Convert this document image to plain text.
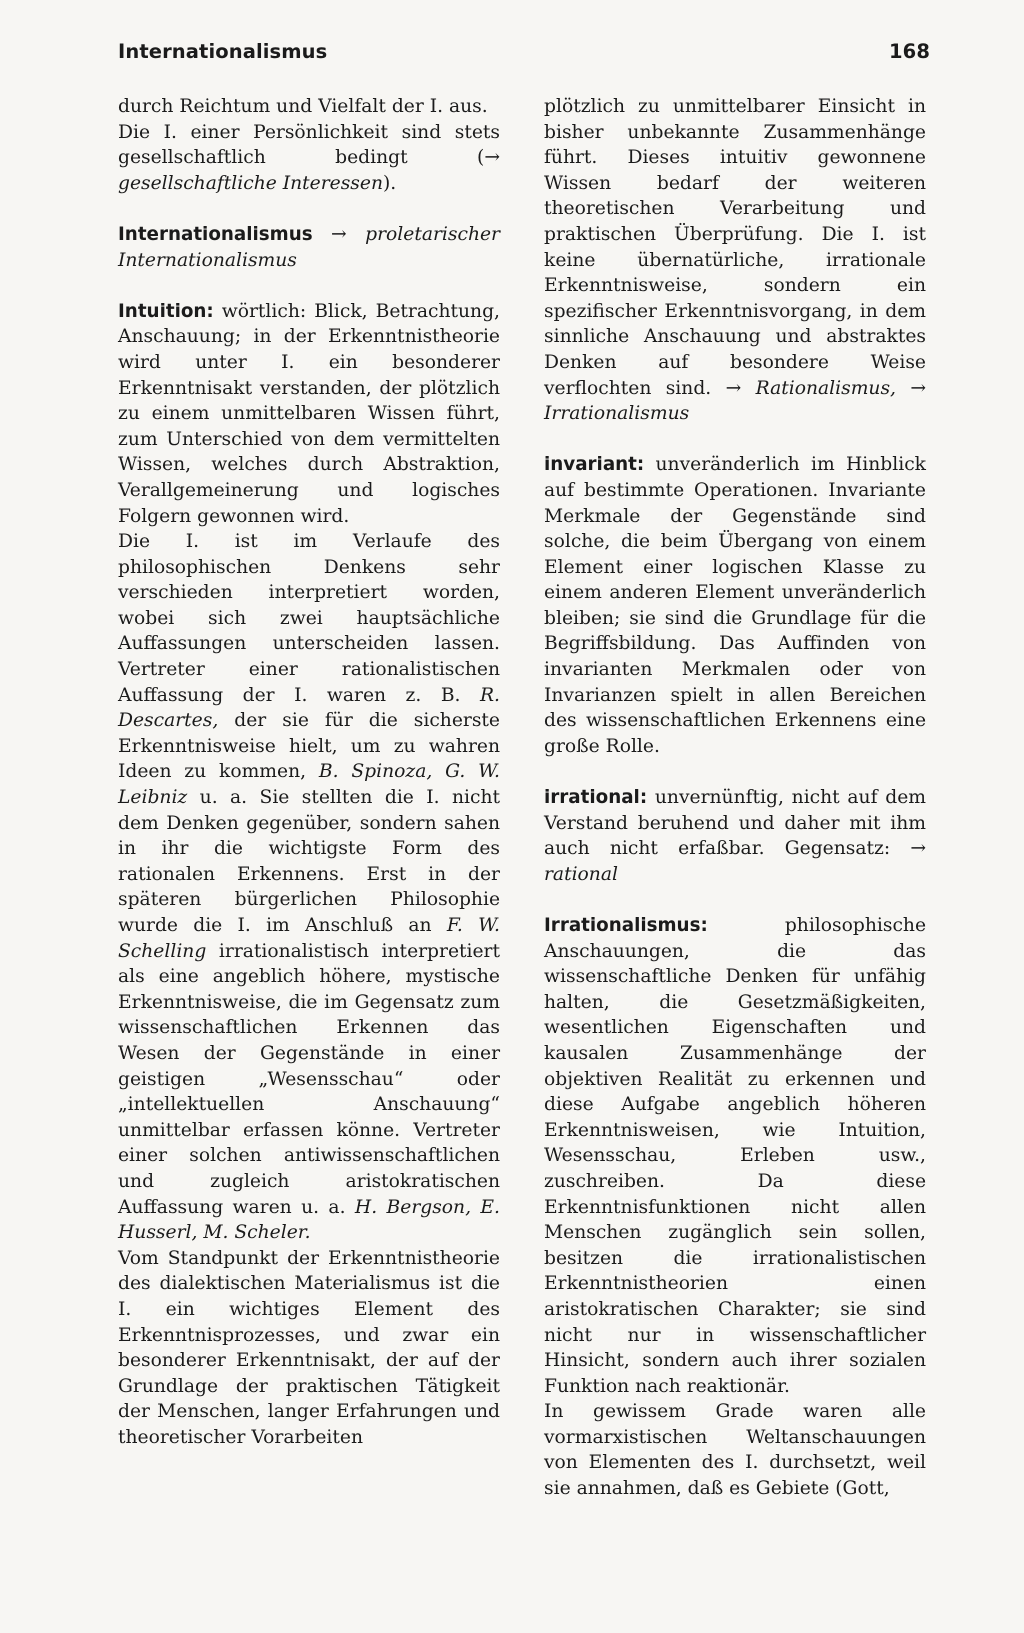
Internationalismus	168

durch Reichtum und Vielfalt der I. aus.

Die I. einer Persönlichkeit sind stets gesellschaftlich bedingt (→ gesellschaftliche Interessen).

Internationalismus → proletarischer Internationalismus

Intuition: wörtlich: Blick, Betrachtung, Anschauung; in der Erkenntnistheorie wird unter I. ein besonderer Erkenntnisakt verstanden, der plötzlich zu einem unmittelbaren Wissen führt, zum Unterschied von dem vermittelten Wissen, welches durch Abstraktion, Verallgemeinerung und logisches Folgern gewonnen wird.

Die I. ist im Verlaufe des philosophischen Denkens sehr verschieden interpretiert worden, wobei sich zwei hauptsächliche Auffassungen unterscheiden lassen. Vertreter einer rationalistischen Auffassung der I. waren z. B. R. Descartes, der sie für die sicherste Erkenntnisweise hielt, um zu wahren Ideen zu kommen, B. Spinoza, G. W. Leibniz u. a. Sie stellten die I. nicht dem Denken gegenüber, sondern sahen in ihr die wichtigste Form des rationalen Erkennens. Erst in der späteren bürgerlichen Philosophie wurde die I. im Anschluß an F. W. Schelling irrationalistisch interpretiert als eine angeblich höhere, mystische Erkenntnisweise, die im Gegensatz zum wissenschaftlichen Erkennen das Wesen der Gegenstände in einer geistigen „Wesensschau“ oder „intellektuellen Anschauung“ unmittelbar erfassen könne. Vertreter einer solchen antiwissenschaftlichen und zugleich aristokratischen Auffassung waren u. a. H. Bergson, E. Husserl, M. Scheler.

Vom Standpunkt der Erkenntnistheorie des dialektischen Materialismus ist die I. ein wichtiges Element des Erkenntnisprozesses, und zwar ein besonderer Erkenntnisakt, der auf der Grundlage der praktischen Tätigkeit der Menschen, langer Erfahrungen und theoretischer Vorarbeiten

plötzlich zu unmittelbarer Einsicht in bisher unbekannte Zusammenhänge führt. Dieses intuitiv gewonnene Wissen bedarf der weiteren theoretischen Verarbeitung und praktischen Überprüfung. Die I. ist keine übernatürliche, irrationale Erkenntnisweise, sondern ein spezifischer Erkenntnisvorgang, in dem sinnliche Anschauung und abstraktes Denken auf besondere Weise verflochten sind. → Rationalismus, → Irrationalismus

invariant: unveränderlich im Hinblick auf bestimmte Operationen. Invariante Merkmale der Gegenstände sind solche, die beim Übergang von einem Element einer logischen Klasse zu einem anderen Element unveränderlich bleiben; sie sind die Grundlage für die Begriffsbildung. Das Auffinden von invarianten Merkmalen oder von Invarianzen spielt in allen Bereichen des wissenschaftlichen Erkennens eine große Rolle.

irrational: unvernünftig, nicht auf dem Verstand beruhend und daher mit ihm auch nicht erfaßbar. Gegensatz: → rational

Irrationalismus: philosophische Anschauungen, die das wissenschaftliche Denken für unfähig halten, die Gesetzmäßigkeiten, wesentlichen Eigenschaften und kausalen Zusammenhänge der objektiven Realität zu erkennen und diese Aufgabe angeblich höheren Erkenntnisweisen, wie Intuition, Wesensschau, Erleben usw., zuschreiben. Da diese Erkenntnisfunktionen nicht allen Menschen zugänglich sein sollen, besitzen die irrationalistischen Erkenntnistheorien einen aristokratischen Charakter; sie sind nicht nur in wissenschaftlicher Hinsicht, sondern auch ihrer sozialen Funktion nach reaktionär.

In gewissem Grade waren alle vormarxistischen Weltanschauungen von Elementen des I. durchsetzt, weil sie annahmen, daß es Gebiete (Gott,
